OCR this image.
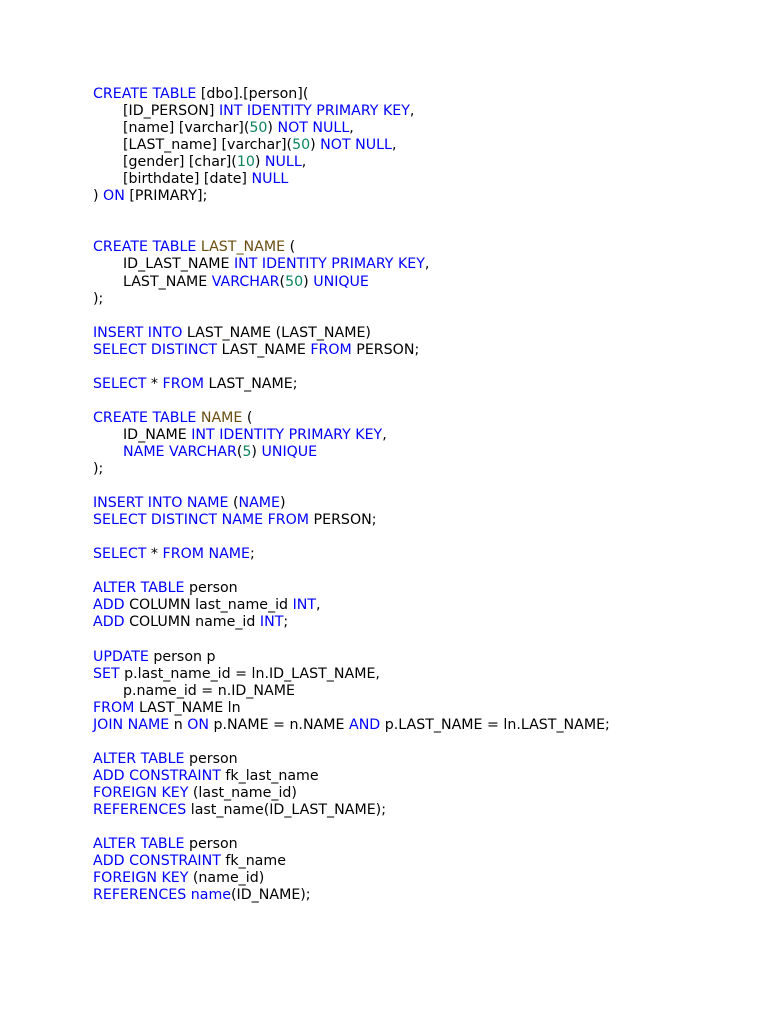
CREATE TABLE [dbo].[person](
[ID_PERSON] INT IDENTITY PRIMARY KEY,
[name] [varchar](50) NOT NULL,
[LAST_name] [varchar](50) NOT NULL,
[gender] [char](10) NULL,
[birthdate] [date] NULL
) ON [PRIMARY];
CREATE TABLE LAST_NAME (
ID_LAST_NAME INT IDENTITY PRIMARY KEY,
LAST_NAME VARCHAR(50) UNIQUE
);
INSERT INTO LAST_NAME (LAST_NAME)
SELECT DISTINCT LAST_NAME FROM PERSON;
SELECT * FROM LAST_NAME;
CREATE TABLE NAME (
ID_NAME INT IDENTITY PRIMARY KEY,
NAME VARCHAR(5) UNIQUE
);
INSERT INTO NAME (NAME)
SELECT DISTINCT NAME FROM PERSON;
SELECT * FROM NAME;
ALTER TABLE person
ADD COLUMN last_name_id INT,
ADD COLUMN name_id INT;
UPDATE person p
SET p.last_name_id = ln.ID_LAST_NAME,
p.name_id = n.ID_NAME
FROM LAST_NAME ln
JOIN NAME n ON p.NAME = n.NAME AND p.LAST_NAME = ln.LAST_NAME;
ALTER TABLE person
ADD CONSTRAINT fk_last_name
FOREIGN KEY (last_name_id)
REFERENCES last_name(ID_LAST_NAME);
ALTER TABLE person
ADD CONSTRAINT fk_name
FOREIGN KEY (name_id)
REFERENCES name(ID_NAME);
